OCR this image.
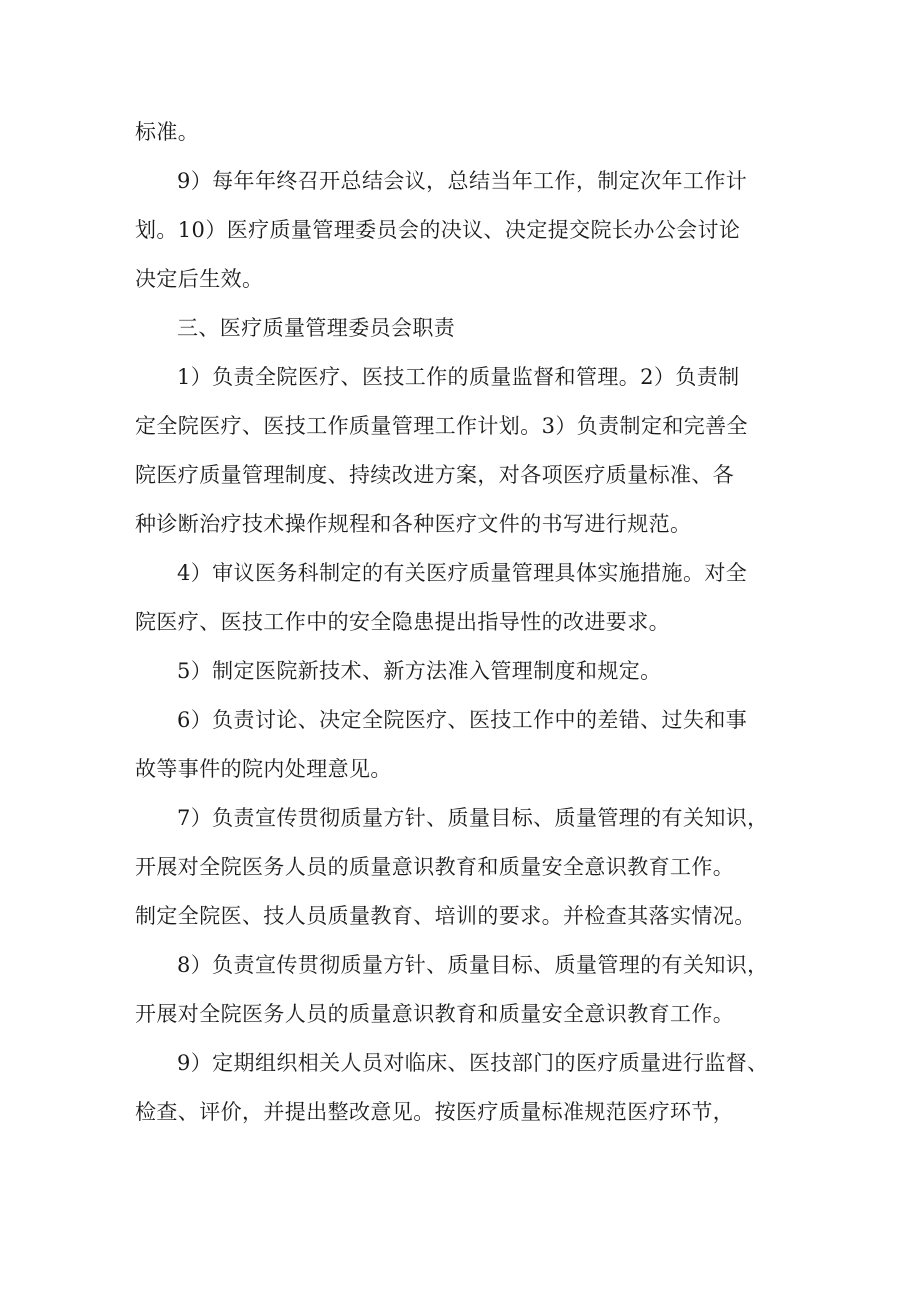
标准。

9）每年年终召开总结会议，总结当年工作，制定次年工作计
划。10）医疗质量管理委员会的决议、决定提交院长办公会讨论
决定后生效。

三、医疗质量管理委员会职责

1）负责全院医疗、医技工作的质量监督和管理。2）负责制
定全院医疗、医技工作质量管理工作计划。3）负责制定和完善全
院医疗质量管理制度、持续改进方案，对各项医疗质量标准、各
种诊断治疗技术操作规程和各种医疗文件的书写进行规范。

4）审议医务科制定的有关医疗质量管理具体实施措施。对全
院医疗、医技工作中的安全隐患提出指导性的改进要求。

5）制定医院新技术、新方法准入管理制度和规定。

6）负责讨论、决定全院医疗、医技工作中的差错、过失和事
故等事件的院内处理意见。

7）负责宣传贯彻质量方针、质量目标、质量管理的有关知识，
开展对全院医务人员的质量意识教育和质量安全意识教育工作。
制定全院医、技人员质量教育、培训的要求。并检查其落实情况。

8）负责宣传贯彻质量方针、质量目标、质量管理的有关知识，
开展对全院医务人员的质量意识教育和质量安全意识教育工作。

9）定期组织相关人员对临床、医技部门的医疗质量进行监督、
检查、评价，并提出整改意见。按医疗质量标准规范医疗环节，
